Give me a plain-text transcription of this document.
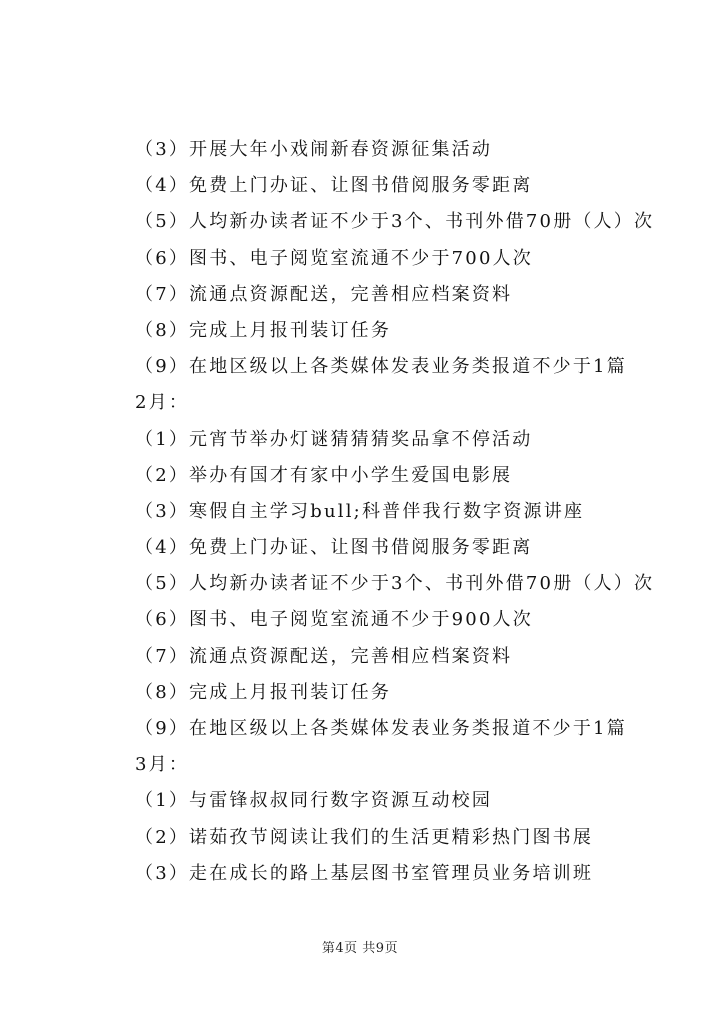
（3）开展大年小戏闹新春资源征集活动
（4）免费上门办证、让图书借阅服务零距离
（5）人均新办读者证不少于3个、书刊外借70册（人）次
（6）图书、电子阅览室流通不少于700人次
（7）流通点资源配送，完善相应档案资料
（8）完成上月报刊装订任务
（9）在地区级以上各类媒体发表业务类报道不少于1篇
2月：
（1）元宵节举办灯谜猜猜猜奖品拿不停活动
（2）举办有国才有家中小学生爱国电影展
（3）寒假自主学习bull;科普伴我行数字资源讲座
（4）免费上门办证、让图书借阅服务零距离
（5）人均新办读者证不少于3个、书刊外借70册（人）次
（6）图书、电子阅览室流通不少于900人次
（7）流通点资源配送，完善相应档案资料
（8）完成上月报刊装订任务
（9）在地区级以上各类媒体发表业务类报道不少于1篇
3月：
（1）与雷锋叔叔同行数字资源互动校园
（2）诺茹孜节阅读让我们的生活更精彩热门图书展
（3）走在成长的路上基层图书室管理员业务培训班
第4页 共9页
